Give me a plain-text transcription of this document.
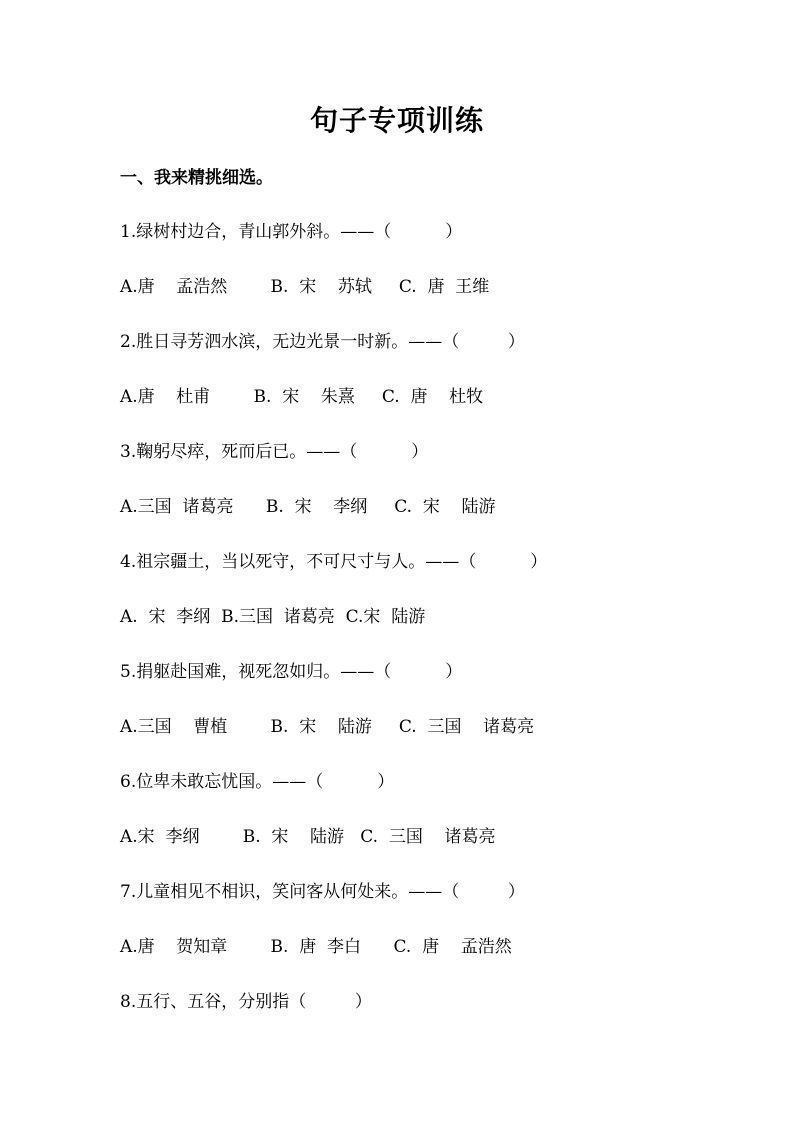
句子专项训练
一、我来精挑细选。
1.绿树村边合，青山郭外斜。——（          ）
A.唐    孟浩然        B.  宋    苏轼     C.  唐  王维
2.胜日寻芳泗水滨，无边光景一时新。——（         ）
A.唐    杜甫        B.  宋    朱熹     C.  唐    杜牧
3.鞠躬尽瘁，死而后已。——（          ）
A.三国  诸葛亮      B.  宋    李纲     C.  宋    陆游
4.祖宗疆土，当以死守，不可尺寸与人。——（          ）
A.  宋  李纲  B.三国  诸葛亮  C.宋  陆游
5.捐躯赴国难，视死忽如归。——（          ）
A.三国    曹植        B.  宋    陆游     C.  三国    诸葛亮
6.位卑未敢忘忧国。——（          ）
A.宋  李纲        B.  宋    陆游   C.  三国    诸葛亮
7.儿童相见不相识，笑问客从何处来。——（         ）
A.唐    贺知章        B.  唐  李白      C.  唐    孟浩然
8.五行、五谷，分别指（         ）
